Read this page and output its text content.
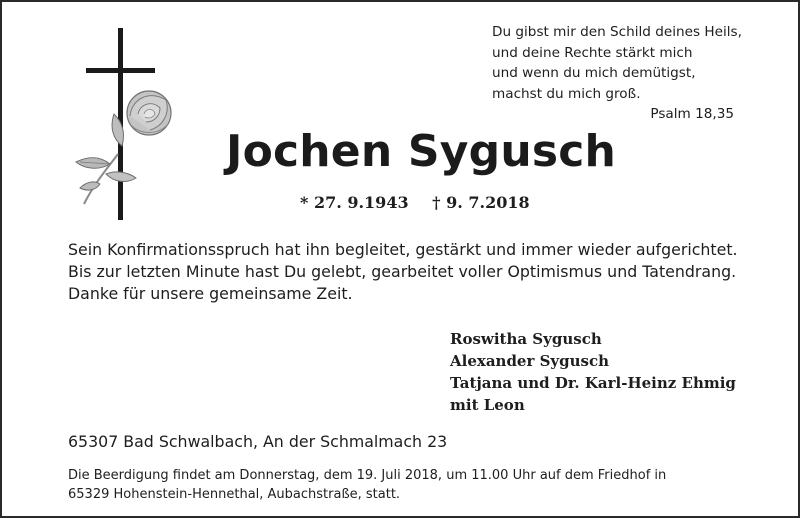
Du gibst mir den Schild deines Heils,
und deine Rechte stärkt mich
und wenn du mich demütigst,
machst du mich groß.
Psalm 18,35
Jochen Sygusch
* 27. 9.1943 † 9. 7.2018
Sein Konfirmationsspruch hat ihn begleitet, gestärkt und immer wieder aufgerichtet.
Bis zur letzten Minute hast Du gelebt, gearbeitet voller Optimismus und Tatendrang.
Danke für unsere gemeinsame Zeit.
Roswitha Sygusch
Alexander Sygusch
Tatjana und Dr. Karl-Heinz Ehmig
mit Leon
65307 Bad Schwalbach, An der Schmalmach 23
Die Beerdigung findet am Donnerstag, dem 19. Juli 2018, um 11.00 Uhr auf dem Friedhof in
65329 Hohenstein-Hennethal, Aubachstraße, statt.
